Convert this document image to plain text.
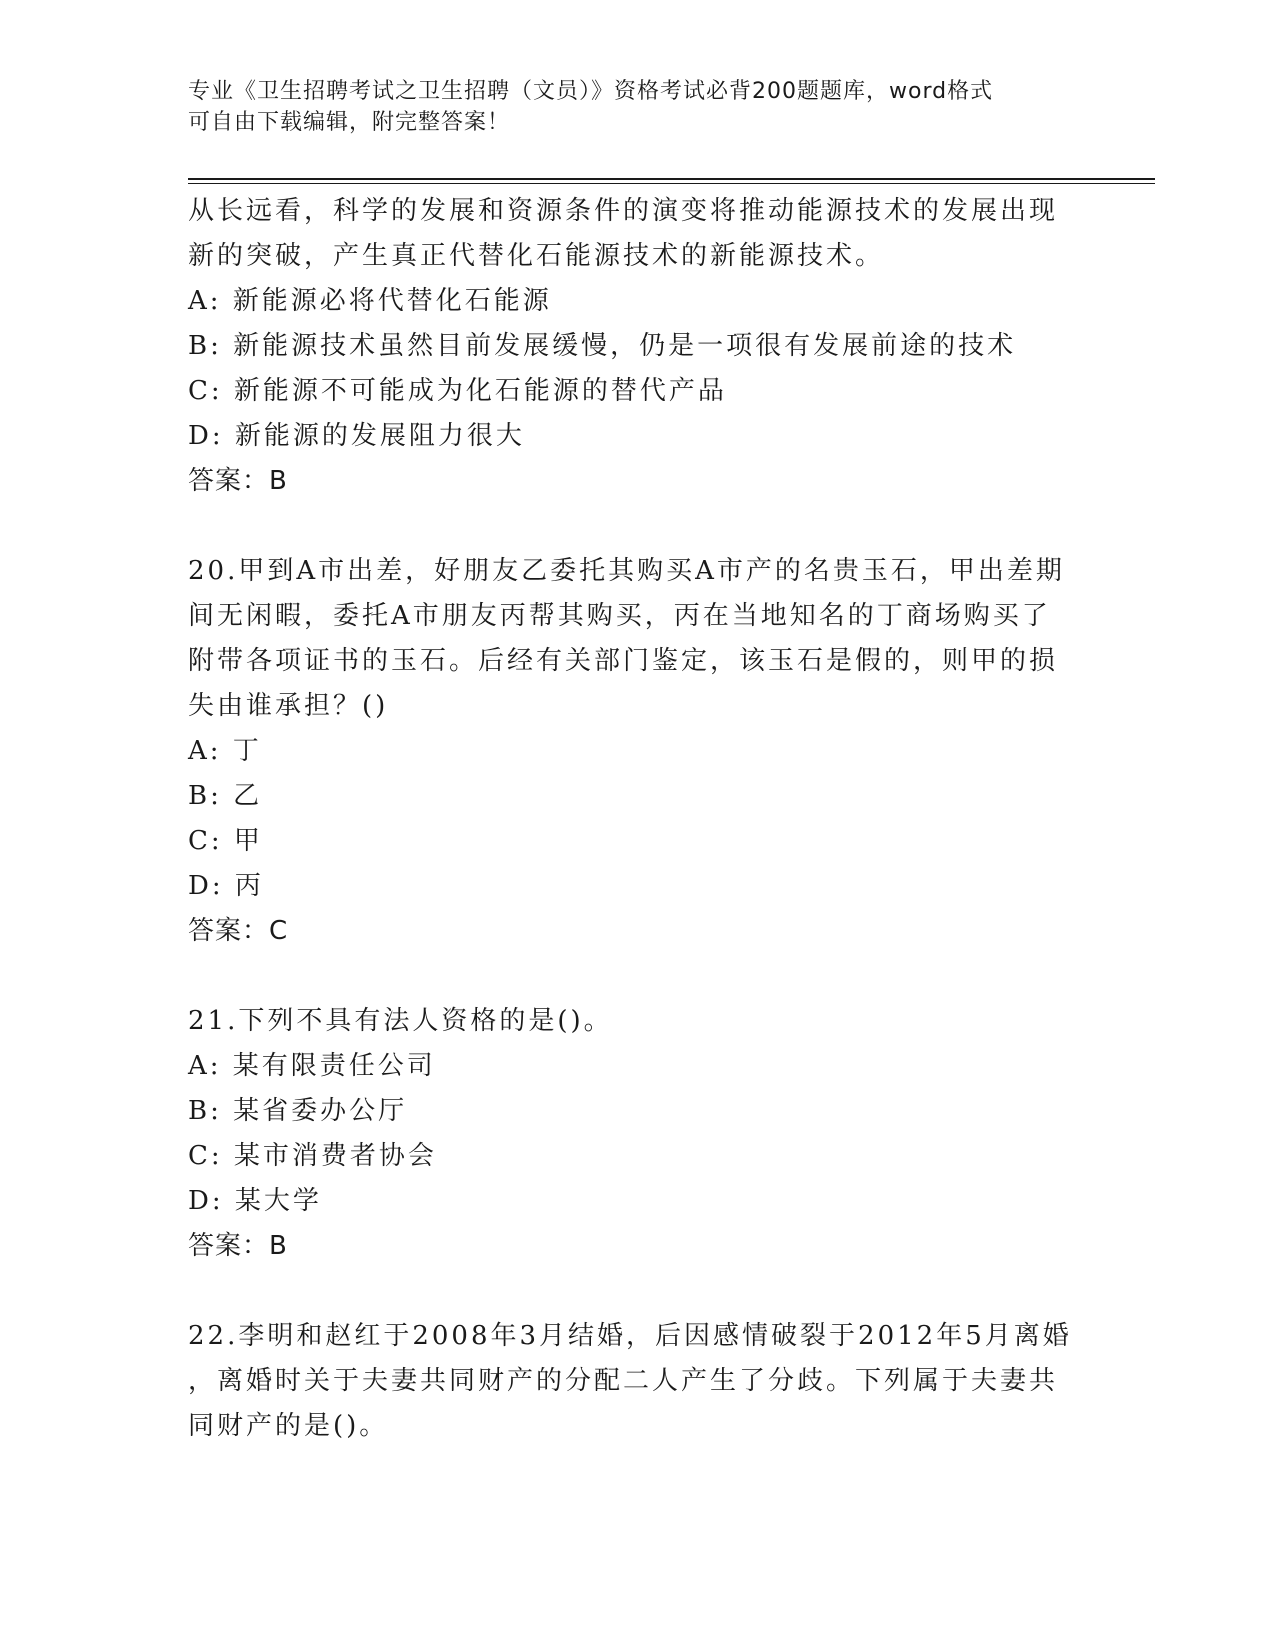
专业《卫生招聘考试之卫生招聘（文员）》资格考试必背200题题库，word格式
可自由下载编辑，附完整答案！

从长远看，科学的发展和资源条件的演变将推动能源技术的发展出现

新的突破，产生真正代替化石能源技术的新能源技术。

A: 新能源必将代替化石能源

B: 新能源技术虽然目前发展缓慢，仍是一项很有发展前途的技术

C: 新能源不可能成为化石能源的替代产品

D: 新能源的发展阻力很大

答案：B

20.甲到A市出差，好朋友乙委托其购买A市产的名贵玉石，甲出差期

间无闲暇，委托A市朋友丙帮其购买，丙在当地知名的丁商场购买了

附带各项证书的玉石。后经有关部门鉴定，该玉石是假的，则甲的损

失由谁承担？()

A: 丁

B: 乙

C: 甲

D: 丙

答案：C

21.下列不具有法人资格的是()。

A: 某有限责任公司

B: 某省委办公厅

C: 某市消费者协会

D: 某大学

答案：B

22.李明和赵红于2008年3月结婚，后因感情破裂于2012年5月离婚

，离婚时关于夫妻共同财产的分配二人产生了分歧。下列属于夫妻共

同财产的是()。
